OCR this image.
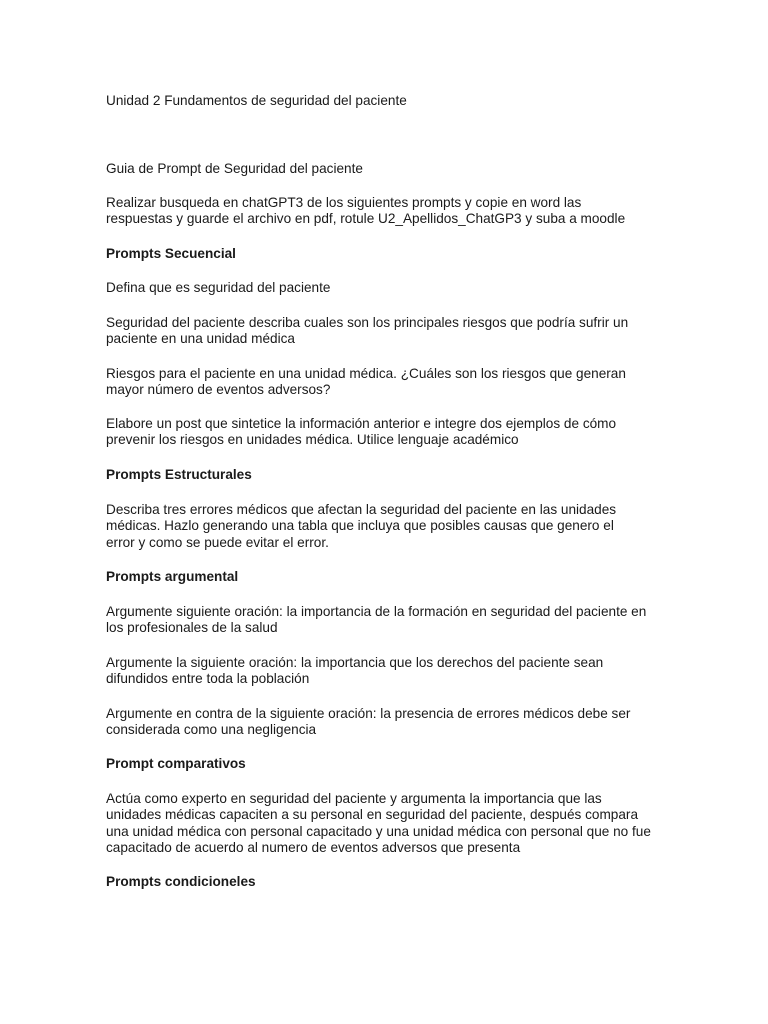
Unidad 2 Fundamentos de seguridad del paciente

Guia de Prompt de Seguridad del paciente

Realizar busqueda en chatGPT3 de los siguientes prompts y copie en word las

respuestas y guarde el archivo en pdf, rotule U2_Apellidos_ChatGP3 y suba a moodle

Prompts Secuencial

Defina que es seguridad del paciente

Seguridad del paciente describa cuales son los principales riesgos que podría sufrir un

paciente en una unidad médica

Riesgos para el paciente en una unidad médica. ¿Cuáles son los riesgos que generan

mayor número de eventos adversos?

Elabore un post que sintetice la información anterior e integre dos ejemplos de cómo

prevenir los riesgos en unidades médica. Utilice lenguaje académico

Prompts Estructurales

Describa tres errores médicos que afectan la seguridad del paciente en las unidades

médicas. Hazlo generando una tabla que incluya que posibles causas que genero el

error y como se puede evitar el error.

Prompts argumental

Argumente siguiente oración: la importancia de la formación en seguridad del paciente en

los profesionales de la salud

Argumente la siguiente oración: la importancia que los derechos del paciente sean

difundidos entre toda la población

Argumente en contra de la siguiente oración: la presencia de errores médicos debe ser

considerada como una negligencia

Prompt comparativos

Actúa como experto en seguridad del paciente y argumenta la importancia que las

unidades médicas capaciten a su personal en seguridad del paciente, después compara

una unidad médica con personal capacitado y una unidad médica con personal que no fue

capacitado de acuerdo al numero de eventos adversos que presenta

Prompts condicioneles
